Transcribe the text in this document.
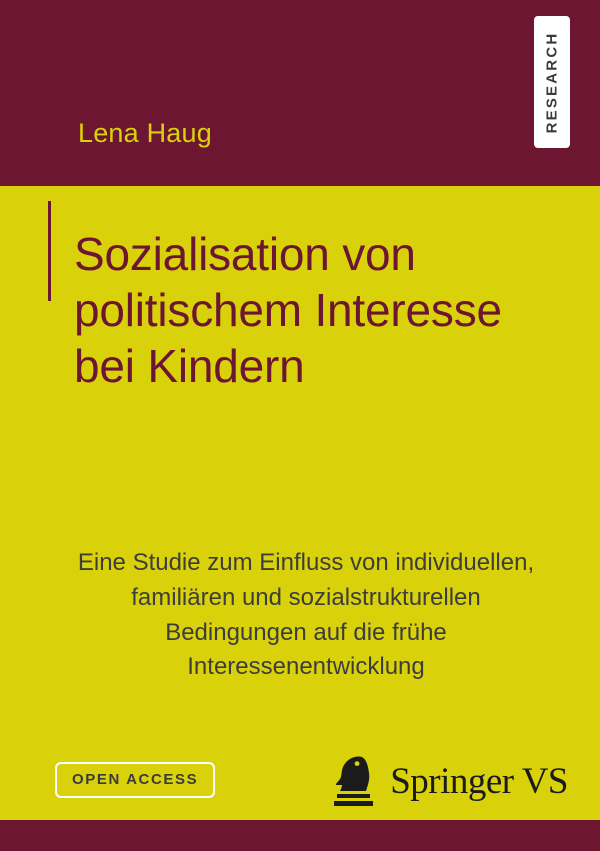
RESEARCH
Lena Haug
Sozialisation von politischem Interesse bei Kindern
Eine Studie zum Einfluss von individuellen, familiären und sozialstrukturellen Bedingungen auf die frühe Interessenentwicklung
OPEN ACCESS	Springer VS
